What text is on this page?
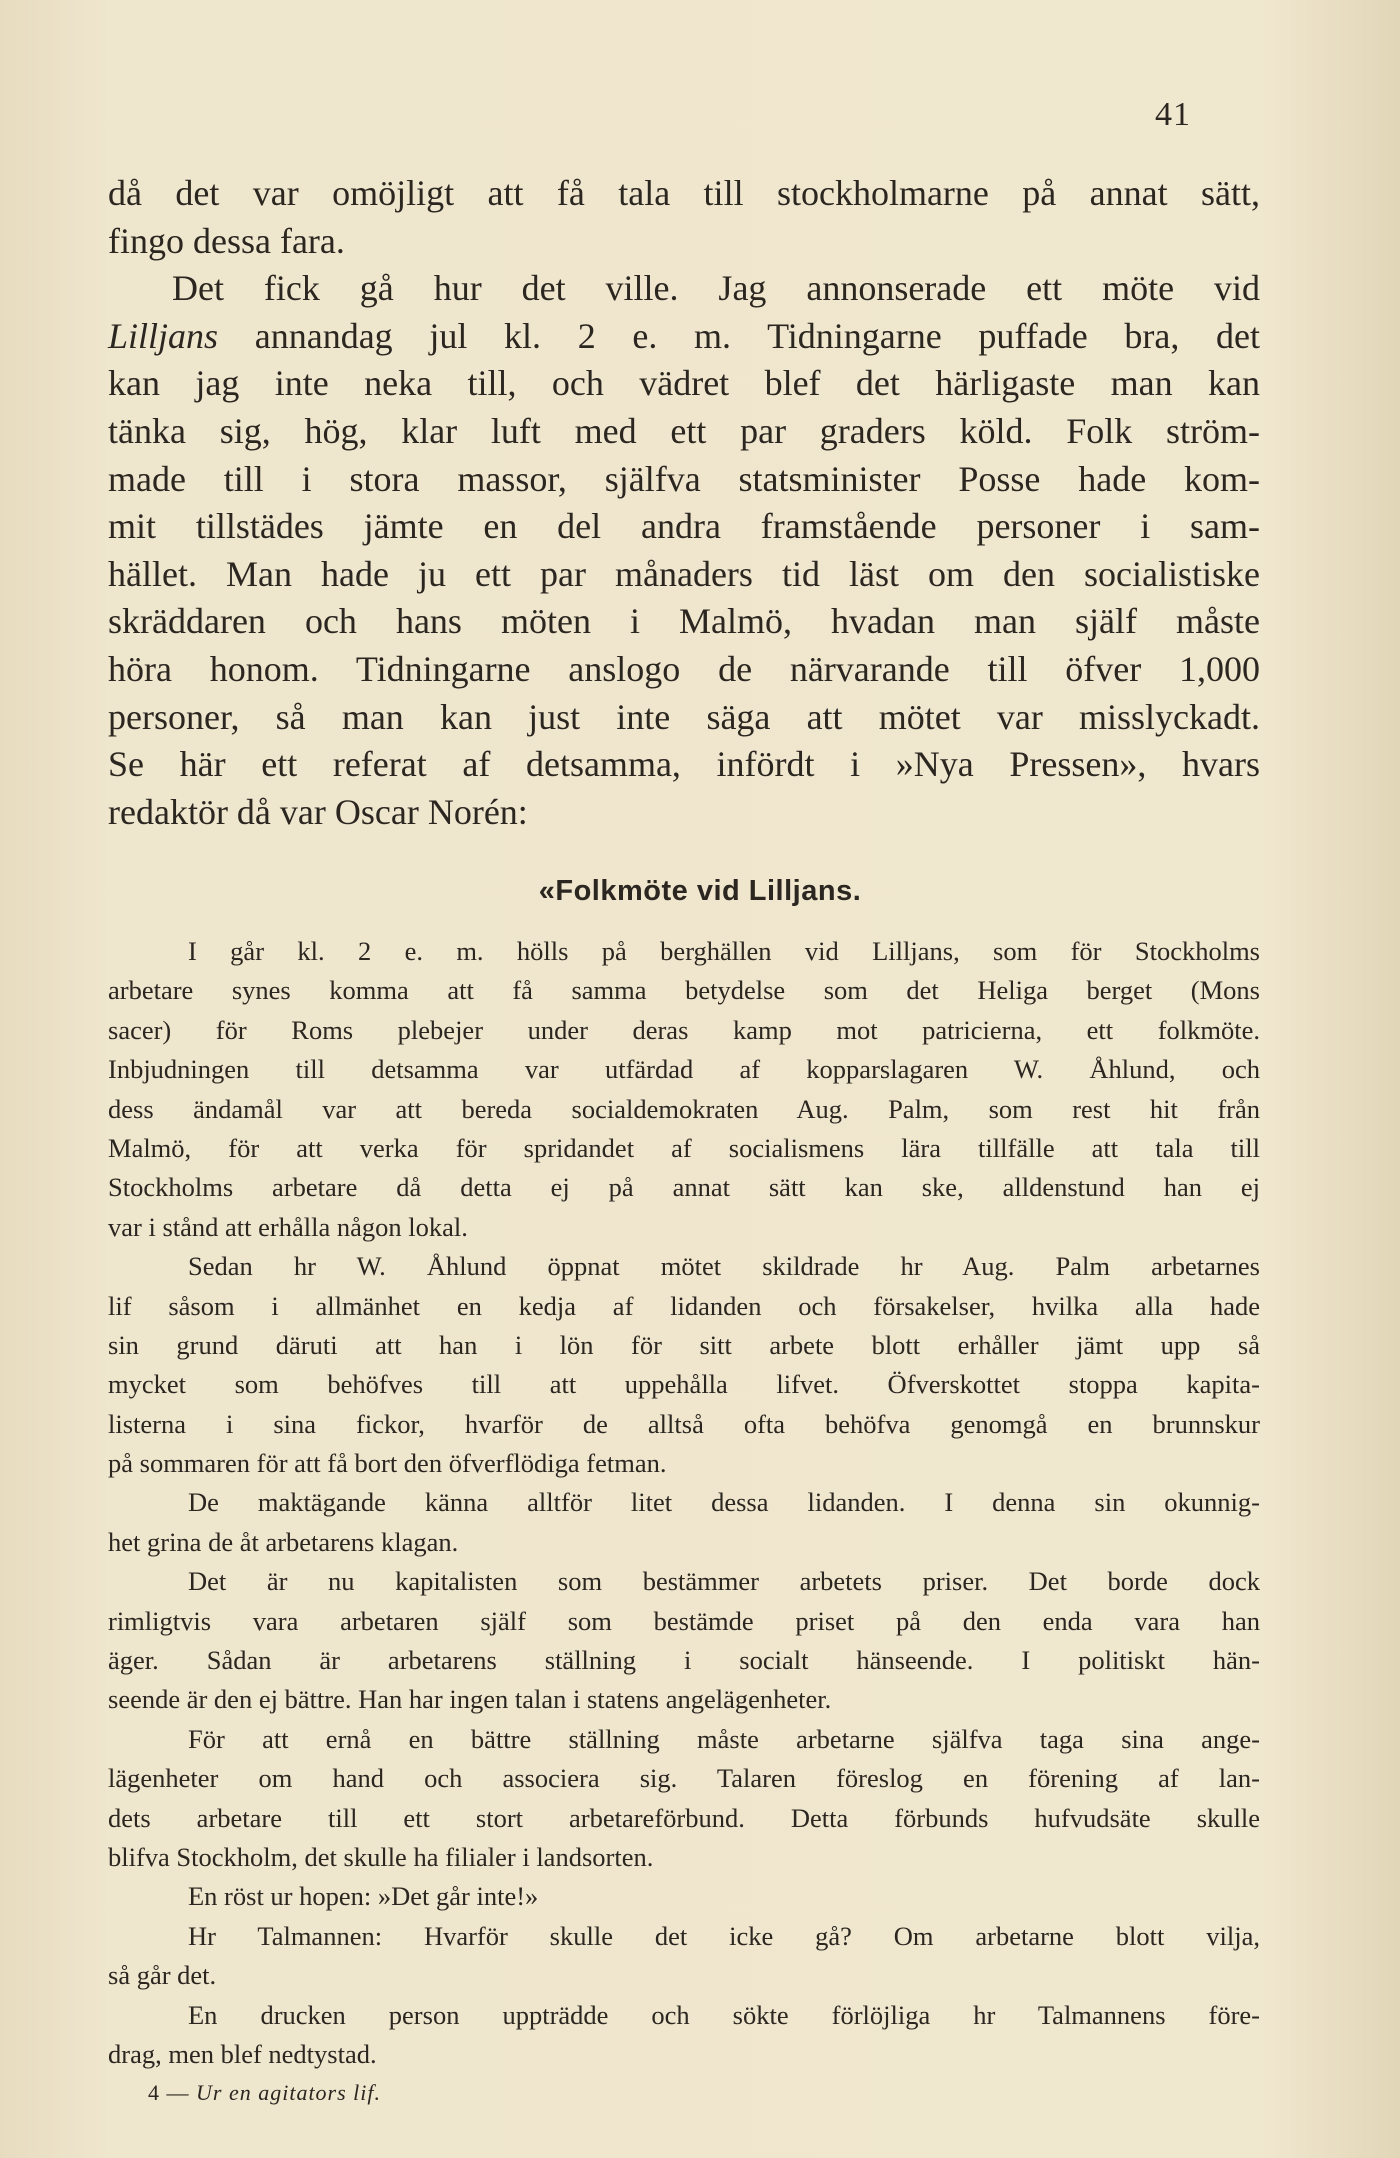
41
då det var omöjligt att få tala till stockholmarne på annat sätt,
fingo dessa fara.
Det fick gå hur det ville. Jag annonserade ett möte vid
Lilljans annandag jul kl. 2 e. m. Tidningarne puffade bra, det
kan jag inte neka till, och vädret blef det härligaste man kan
tänka sig, hög, klar luft med ett par graders köld. Folk ström-
made till i stora massor, själfva statsminister Posse hade kom-
mit tillstädes jämte en del andra framstående personer i sam-
hället. Man hade ju ett par månaders tid läst om den socialistiske
skräddaren och hans möten i Malmö, hvadan man själf måste
höra honom. Tidningarne anslogo de närvarande till öfver 1,000
personer, så man kan just inte säga att mötet var misslyckadt.
Se här ett referat af detsamma, infördt i »Nya Pressen», hvars
redaktör då var Oscar Norén:
«Folkmöte vid Lilljans.
I går kl. 2 e. m. hölls på berghällen vid Lilljans, som för Stockholms
arbetare synes komma att få samma betydelse som det Heliga berget (Mons
sacer) för Roms plebejer under deras kamp mot patricierna, ett folkmöte.
Inbjudningen till detsamma var utfärdad af kopparslagaren W. Åhlund, och
dess ändamål var att bereda socialdemokraten Aug. Palm, som rest hit från
Malmö, för att verka för spridandet af socialismens lära tillfälle att tala till
Stockholms arbetare då detta ej på annat sätt kan ske, alldenstund han ej
var i stånd att erhålla någon lokal.
Sedan hr W. Åhlund öppnat mötet skildrade hr Aug. Palm arbetarnes
lif såsom i allmänhet en kedja af lidanden och försakelser, hvilka alla hade
sin grund däruti att han i lön för sitt arbete blott erhåller jämt upp så
mycket som behöfves till att uppehålla lifvet. Öfverskottet stoppa kapita-
listerna i sina fickor, hvarför de alltså ofta behöfva genomgå en brunnskur
på sommaren för att få bort den öfverflödiga fetman.
De maktägande känna alltför litet dessa lidanden. I denna sin okunnig-
het grina de åt arbetarens klagan.
Det är nu kapitalisten som bestämmer arbetets priser. Det borde dock
rimligtvis vara arbetaren själf som bestämde priset på den enda vara han
äger. Sådan är arbetarens ställning i socialt hänseende. I politiskt hän-
seende är den ej bättre. Han har ingen talan i statens angelägenheter.
För att ernå en bättre ställning måste arbetarne själfva taga sina ange-
lägenheter om hand och associera sig. Talaren föreslog en förening af lan-
dets arbetare till ett stort arbetareförbund. Detta förbunds hufvudsäte skulle
blifva Stockholm, det skulle ha filialer i landsorten.
En röst ur hopen: »Det går inte!»
Hr Talmannen: Hvarför skulle det icke gå? Om arbetarne blott vilja,
så går det.
En drucken person uppträdde och sökte förlöjliga hr Talmannens före-
drag, men blef nedtystad.
4 — Ur en agitators lif.
